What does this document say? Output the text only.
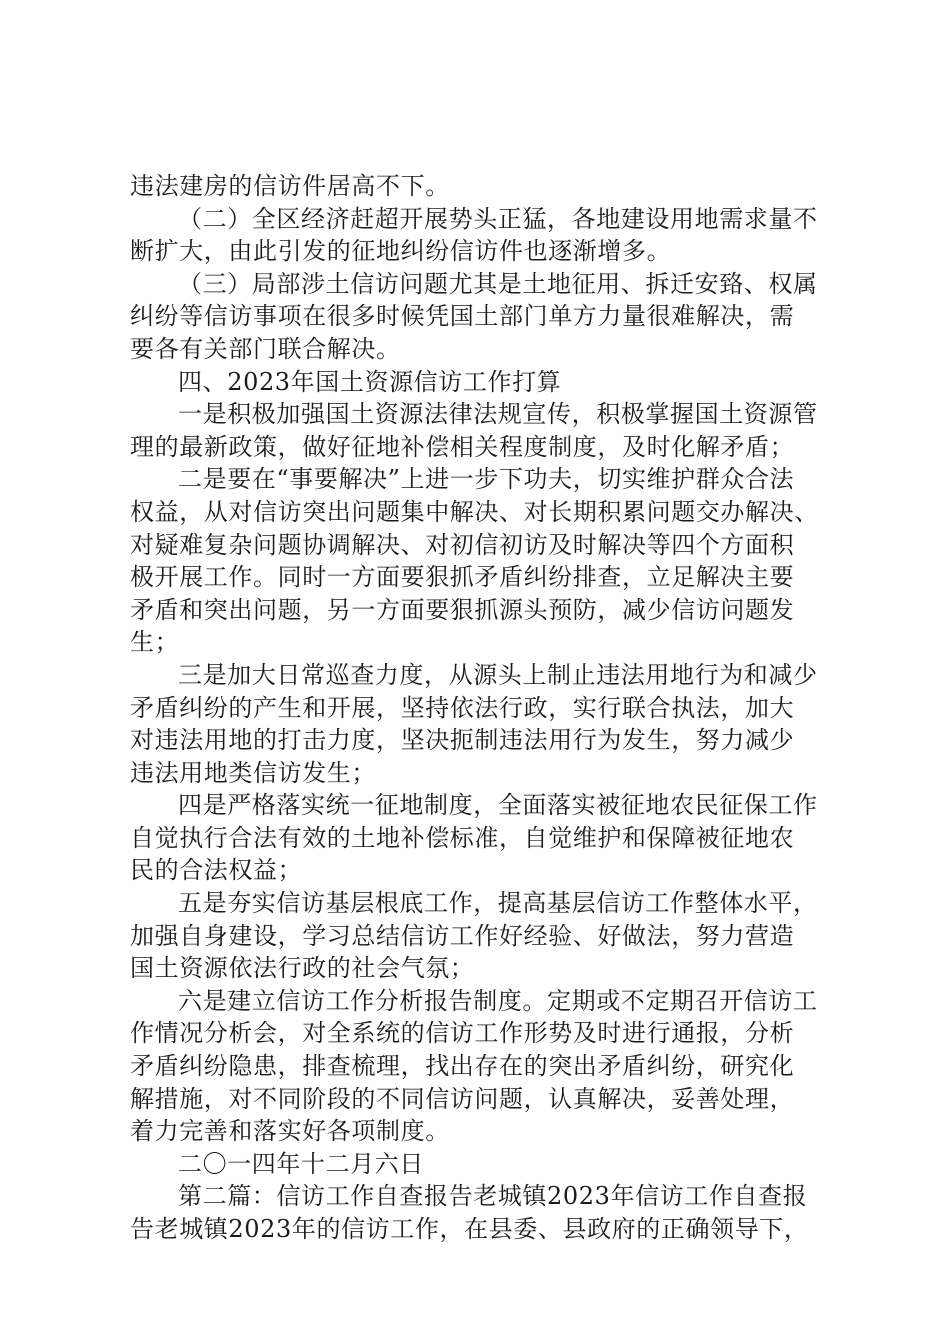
违法建房的信访件居高不下。
（二）全区经济赶超开展势头正猛，各地建设用地需求量不
断扩大，由此引发的征地纠纷信访件也逐渐增多。
（三）局部涉土信访问题尤其是土地征用、拆迁安臵、权属
纠纷等信访事项在很多时候凭国土部门单方力量很难解决，需
要各有关部门联合解决。
四、2023年国土资源信访工作打算
一是积极加强国土资源法律法规宣传，积极掌握国土资源管
理的最新政策，做好征地补偿相关程度制度，及时化解矛盾；
二是要在“事要解决”上进一步下功夫，切实维护群众合法
权益，从对信访突出问题集中解决、对长期积累问题交办解决、
对疑难复杂问题协调解决、对初信初访及时解决等四个方面积
极开展工作。同时一方面要狠抓矛盾纠纷排查，立足解决主要
矛盾和突出问题，另一方面要狠抓源头预防，减少信访问题发
生；
三是加大日常巡查力度，从源头上制止违法用地行为和减少
矛盾纠纷的产生和开展，坚持依法行政，实行联合执法，加大
对违法用地的打击力度，坚决扼制违法用行为发生，努力减少
违法用地类信访发生；
四是严格落实统一征地制度，全面落实被征地农民征保工作
自觉执行合法有效的土地补偿标准，自觉维护和保障被征地农
民的合法权益；
五是夯实信访基层根底工作，提高基层信访工作整体水平，
加强自身建设，学习总结信访工作好经验、好做法，努力营造
国土资源依法行政的社会气氛；
六是建立信访工作分析报告制度。定期或不定期召开信访工
作情况分析会，对全系统的信访工作形势及时进行通报，分析
矛盾纠纷隐患，排查梳理，找出存在的突出矛盾纠纷，研究化
解措施，对不同阶段的不同信访问题，认真解决，妥善处理，
着力完善和落实好各项制度。
二〇一四年十二月六日
第二篇：信访工作自查报告老城镇2023年信访工作自查报
告老城镇2023年的信访工作，在县委、县政府的正确领导下，
